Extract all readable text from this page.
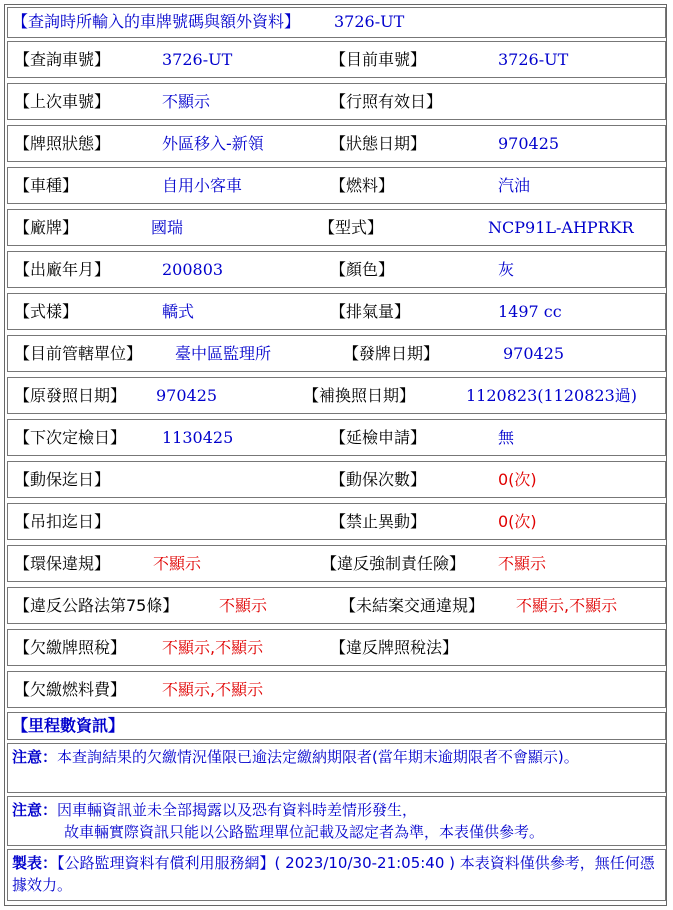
【查詢時所輸入的車牌號碼與額外資料】 3726-UT
【查詢車號】	3726-UT	【目前車號】	3726-UT
【上次車號】	不顯示	【行照有效日】
【牌照狀態】	外區移入-新領	【狀態日期】	970425
【車種】	自用小客車	【燃料】	汽油
【廠牌】	國瑞	【型式】	NCP91L-AHPRKR
【出廠年月】	200803	【顏色】	灰
【式樣】	轎式	【排氣量】	1497 cc
【目前管轄單位】 臺中區監理所	【發牌日期】	970425
【原發照日期】 970425	【補換照日期】	1120823(1120823過)
【下次定檢日】 1130425	【延檢申請】	無
【動保迄日】	【動保次數】	0(次)
【吊扣迄日】	【禁止異動】	0(次)
【環保違規】	不顯示	【違反強制責任險】 不顯示
【違反公路法第75條】	不顯示	【未結案交通違規】 不顯示,不顯示
【欠繳牌照稅】 不顯示,不顯示	【違反牌照稅法】
【欠繳燃料費】 不顯示,不顯示
【里程數資訊】
注意：本查詢結果的欠繳情況僅限已逾法定繳納期限者(當年期末逾期限者不會顯示)。
注意：因車輛資訊並未全部揭露以及恐有資料時差情形發生，
故車輛實際資訊只能以公路監理單位記載及認定者為準，本表僅供參考。
製表：【公路監理資料有償利用服務網】( 2023/10/30-21:05:40 ) 本表資料僅供參考，無任何憑據效力。
